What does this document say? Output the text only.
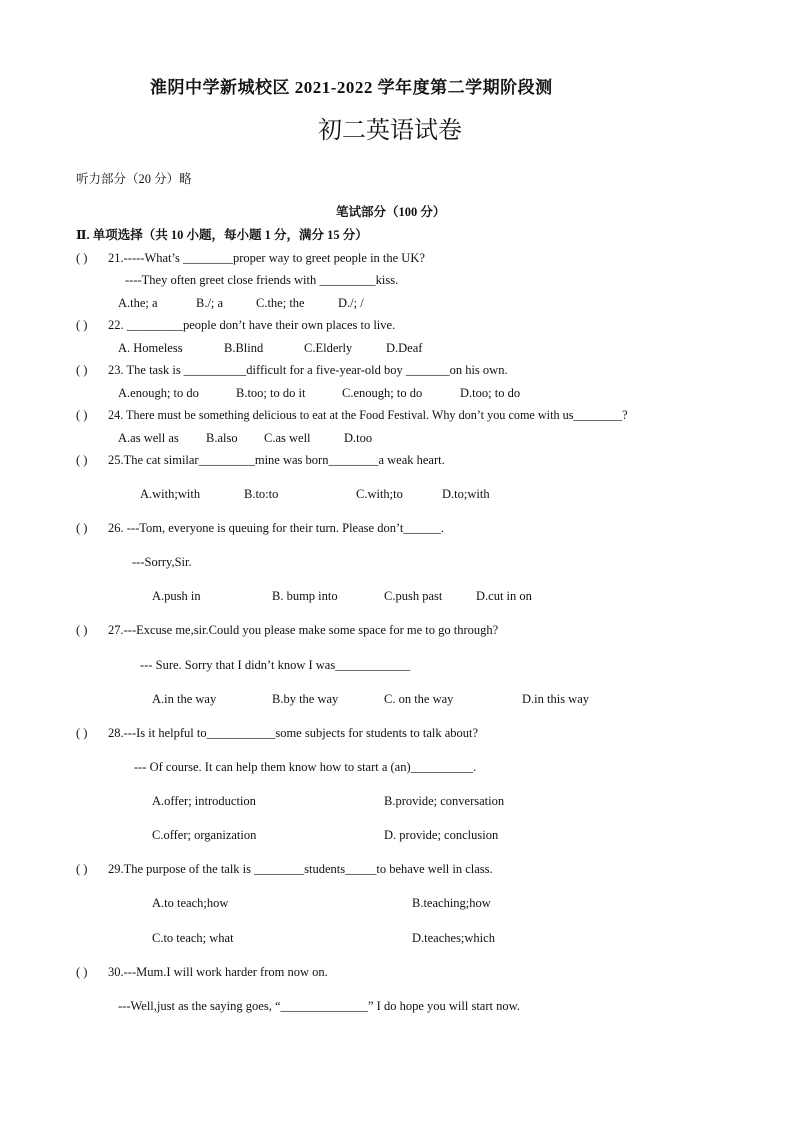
淮阴中学新城校区 2021-2022 学年度第二学期阶段测
初二英语试卷
听力部分（20 分）略
笔试部分（100 分）
Ⅱ. 单项选择（共 10 小题，每小题 1 分，满分 15 分）
( ) 21.-----What’s ________proper way to greet people in the UK?
----They often greet close friends with _________kiss.
A.the; a	B./; a	C.the; the	D./; /
( ) 22. _________people don’t have their own places to live.
A. Homeless	B.Blind	C.Elderly	D.Deaf
( ) 23. The task is __________difficult for a five-year-old boy _______on his own.
A.enough; to do	B.too; to do it	C.enough; to do	D.too; to do
( ) 24. There must be something delicious to eat at the Food Festival. Why don’t you come with us________?
A.as well as B.also C.as well	D.too
( ) 25.The cat similar_________mine was born________a weak heart.
A.with;with	B.to:to	C.with;to	D.to;with
( ) 26. ---Tom, everyone is queuing for their turn. Please don’t______.
---Sorry,Sir.
A.push in	B. bump into	C.push past	D.cut in on
( ) 27.---Excuse me,sir.Could you please make some space for me to go through?
--- Sure. Sorry that I didn’t know I was____________
A.in the way	B.by the way	C. on the way	D.in this way
( ) 28.---Is it helpful to___________some subjects for students to talk about?
--- Of course. It can help them know how to start a (an)__________.
A.offer; introduction	B.provide; conversation
C.offer; organization	D. provide; conclusion
( ) 29.The purpose of the talk is ________students_____to behave well in class.
A.to teach;how	B.teaching;how
C.to teach; what	D.teaches;which
( ) 30.---Mum.I will work harder from now on.
---Well,just as the saying goes, “______________” I do hope you will start now.
